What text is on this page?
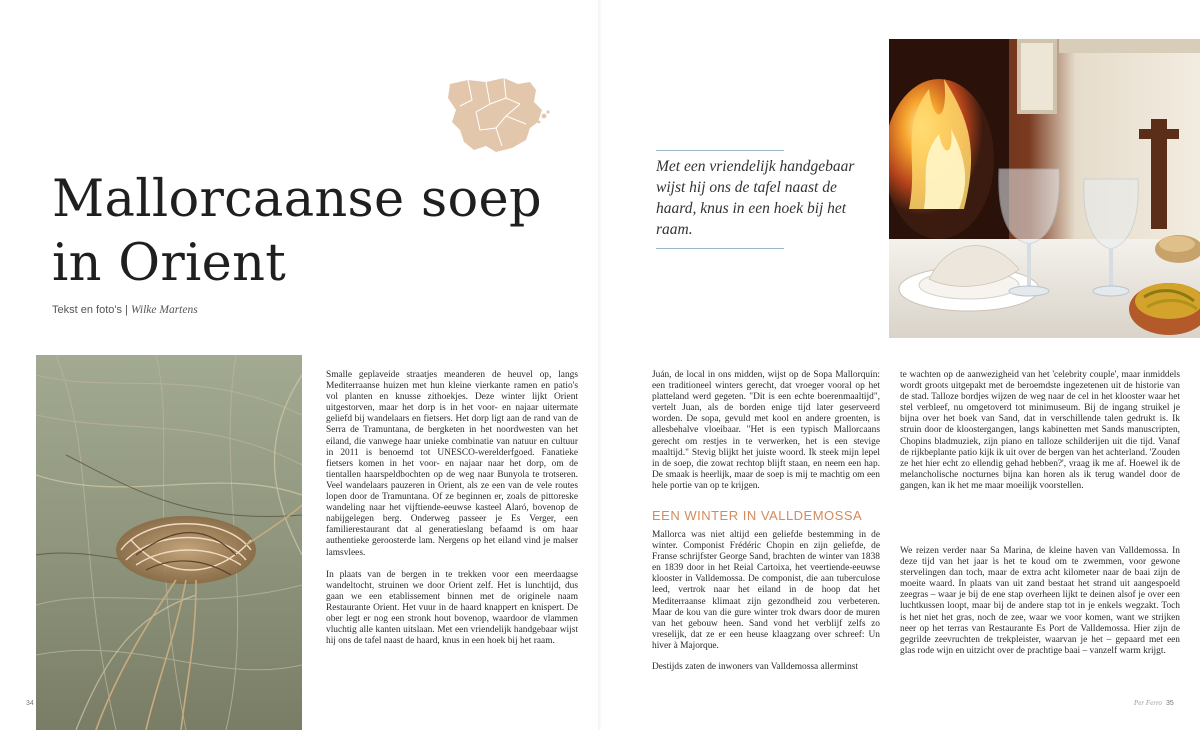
Mallorcaanse soep
in Orient
Tekst en foto's | Wilke Martens

Smalle geplaveide straatjes meanderen de heuvel op, langs Mediterraanse huizen met hun kleine vierkante ramen en patio's vol planten en knusse zithoekjes. Deze winter lijkt Orient uitgestorven, maar het dorp is in het voor- en najaar uitermate geliefd bij wandelaars en fietsers. Het dorp ligt aan de rand van de Serra de Tramuntana, de bergketen in het noordwesten van het eiland, die vanwege haar unieke combinatie van natuur en cultuur in 2011 is benoemd tot UNESCO-werelderfgoed. Fanatieke fietsers komen in het voor- en najaar naar het dorp, om de tientallen haarspeldbochten op de weg naar Bunyola te trotseren. Veel wandelaars pauzeren in Orient, als ze een van de vele routes lopen door de Tramuntana. Of ze beginnen er, zoals de pittoreske wandeling naar het vijftiende-eeuwse kasteel Alaró, bovenop de nabijgelegen berg. Onderweg passeer je Es Verger, een familierestaurant dat al generatieslang befaamd is om haar authentieke geroosterde lam. Nergens op het eiland vind je malser lamsvlees.

In plaats van de bergen in te trekken voor een meerdaagse wandeltocht, struinen we door Orient zelf. Het is lunchtijd, dus gaan we een etablissement binnen met de originele naam Restaurante Orient. Het vuur in de haard knappert en knispert. De ober legt er nog een stronk hout bovenop, waardoor de vlammen vluchtig alle kanten uitslaan. Met een vriendelijk handgebaar wijst hij ons de tafel naast de haard, knus in een hoek bij het raam.

34
Met een vriendelijk handgebaar wijst hij ons de tafel naast de haard, knus in een hoek bij het raam.

Juán, de local in ons midden, wijst op de Sopa Mallorquín: een traditioneel winters gerecht, dat vroeger vooral op het platteland werd gegeten. "Dit is een echte boerenmaaltijd", vertelt Juan, als de borden enige tijd later geserveerd worden. De sopa, gevuld met kool en andere groenten, is allesbehalve vloeibaar. "Het is een typisch Mallorcaans gerecht om restjes in te verwerken, het is een stevige maaltijd." Stevig blijkt het juiste woord. Ik steek mijn lepel in de soep, die zowat rechtop blijft staan, en neem een hap. De smaak is heerlijk, maar de soep is mij te machtig om een hele portie van op te krijgen.

EEN WINTER IN VALLDEMOSSA

Mallorca was niet altijd een geliefde bestemming in de winter. Componist Frédéric Chopin en zijn geliefde, de Franse schrijfster George Sand, brachten de winter van 1838 en 1839 door in het Reial Cartoixa, het veertiende-eeuwse klooster in Valldemossa. De componist, die aan tuberculose leed, vertrok naar het eiland in de hoop dat het Mediterraanse klimaat zijn gezondheid zou verbeteren. Maar de kou van die gure winter trok dwars door de muren van het gebouw heen. Sand vond het verblijf zelfs zo vreselijk, dat ze er een heuse klaagzang over schreef: Un hiver à Majorque.

Destijds zaten de inwoners van Valldemossa allerminst

te wachten op de aanwezigheid van het 'celebrity couple', maar inmiddels wordt groots uitgepakt met de beroemdste ingezetenen uit de historie van de stad. Talloze bordjes wijzen de weg naar de cel in het klooster waar het stel verbleef, nu omgetoverd tot minimuseum. Bij de ingang struikel je bijna over het boek van Sand, dat in verschillende talen gedrukt is. Ik struin door de kloostergangen, langs kabinetten met Sands manuscripten, Chopins bladmuziek, zijn piano en talloze schilderijen uit die tijd. Vanaf de rijkbeplante patio kijk ik uit over de bergen van het achterland. 'Zouden ze het hier echt zo ellendig gehad hebben?', vraag ik me af. Hoewel ik de melancholische nocturnes bijna kan horen als ik terug wandel door de gangen, kan ik het me maar moeilijk voorstellen.

We reizen verder naar Sa Marina, de kleine haven van Valldemossa. In deze tijd van het jaar is het te koud om te zwemmen, voor gewone stervelingen dan toch, maar de extra acht kilometer naar de baai zijn de moeite waard. In plaats van uit zand bestaat het strand uit aangespoeld zeegras – waar je bij de ene stap overheen lijkt te deinen alsof je over een luchtkussen loopt, maar bij de andere stap tot in je enkels wegzakt. Toch is het niet het gras, noch de zee, waar we voor komen, want we strijken neer op het terras van Restaurante Es Port de Valldemossa. Hier zijn de gegrilde zeevruchten de trekpleister, waarvan je het – gepaard met een glas rode wijn en uitzicht over de prachtige baai – vanzelf warm krijgt.

Per Ferro 35
